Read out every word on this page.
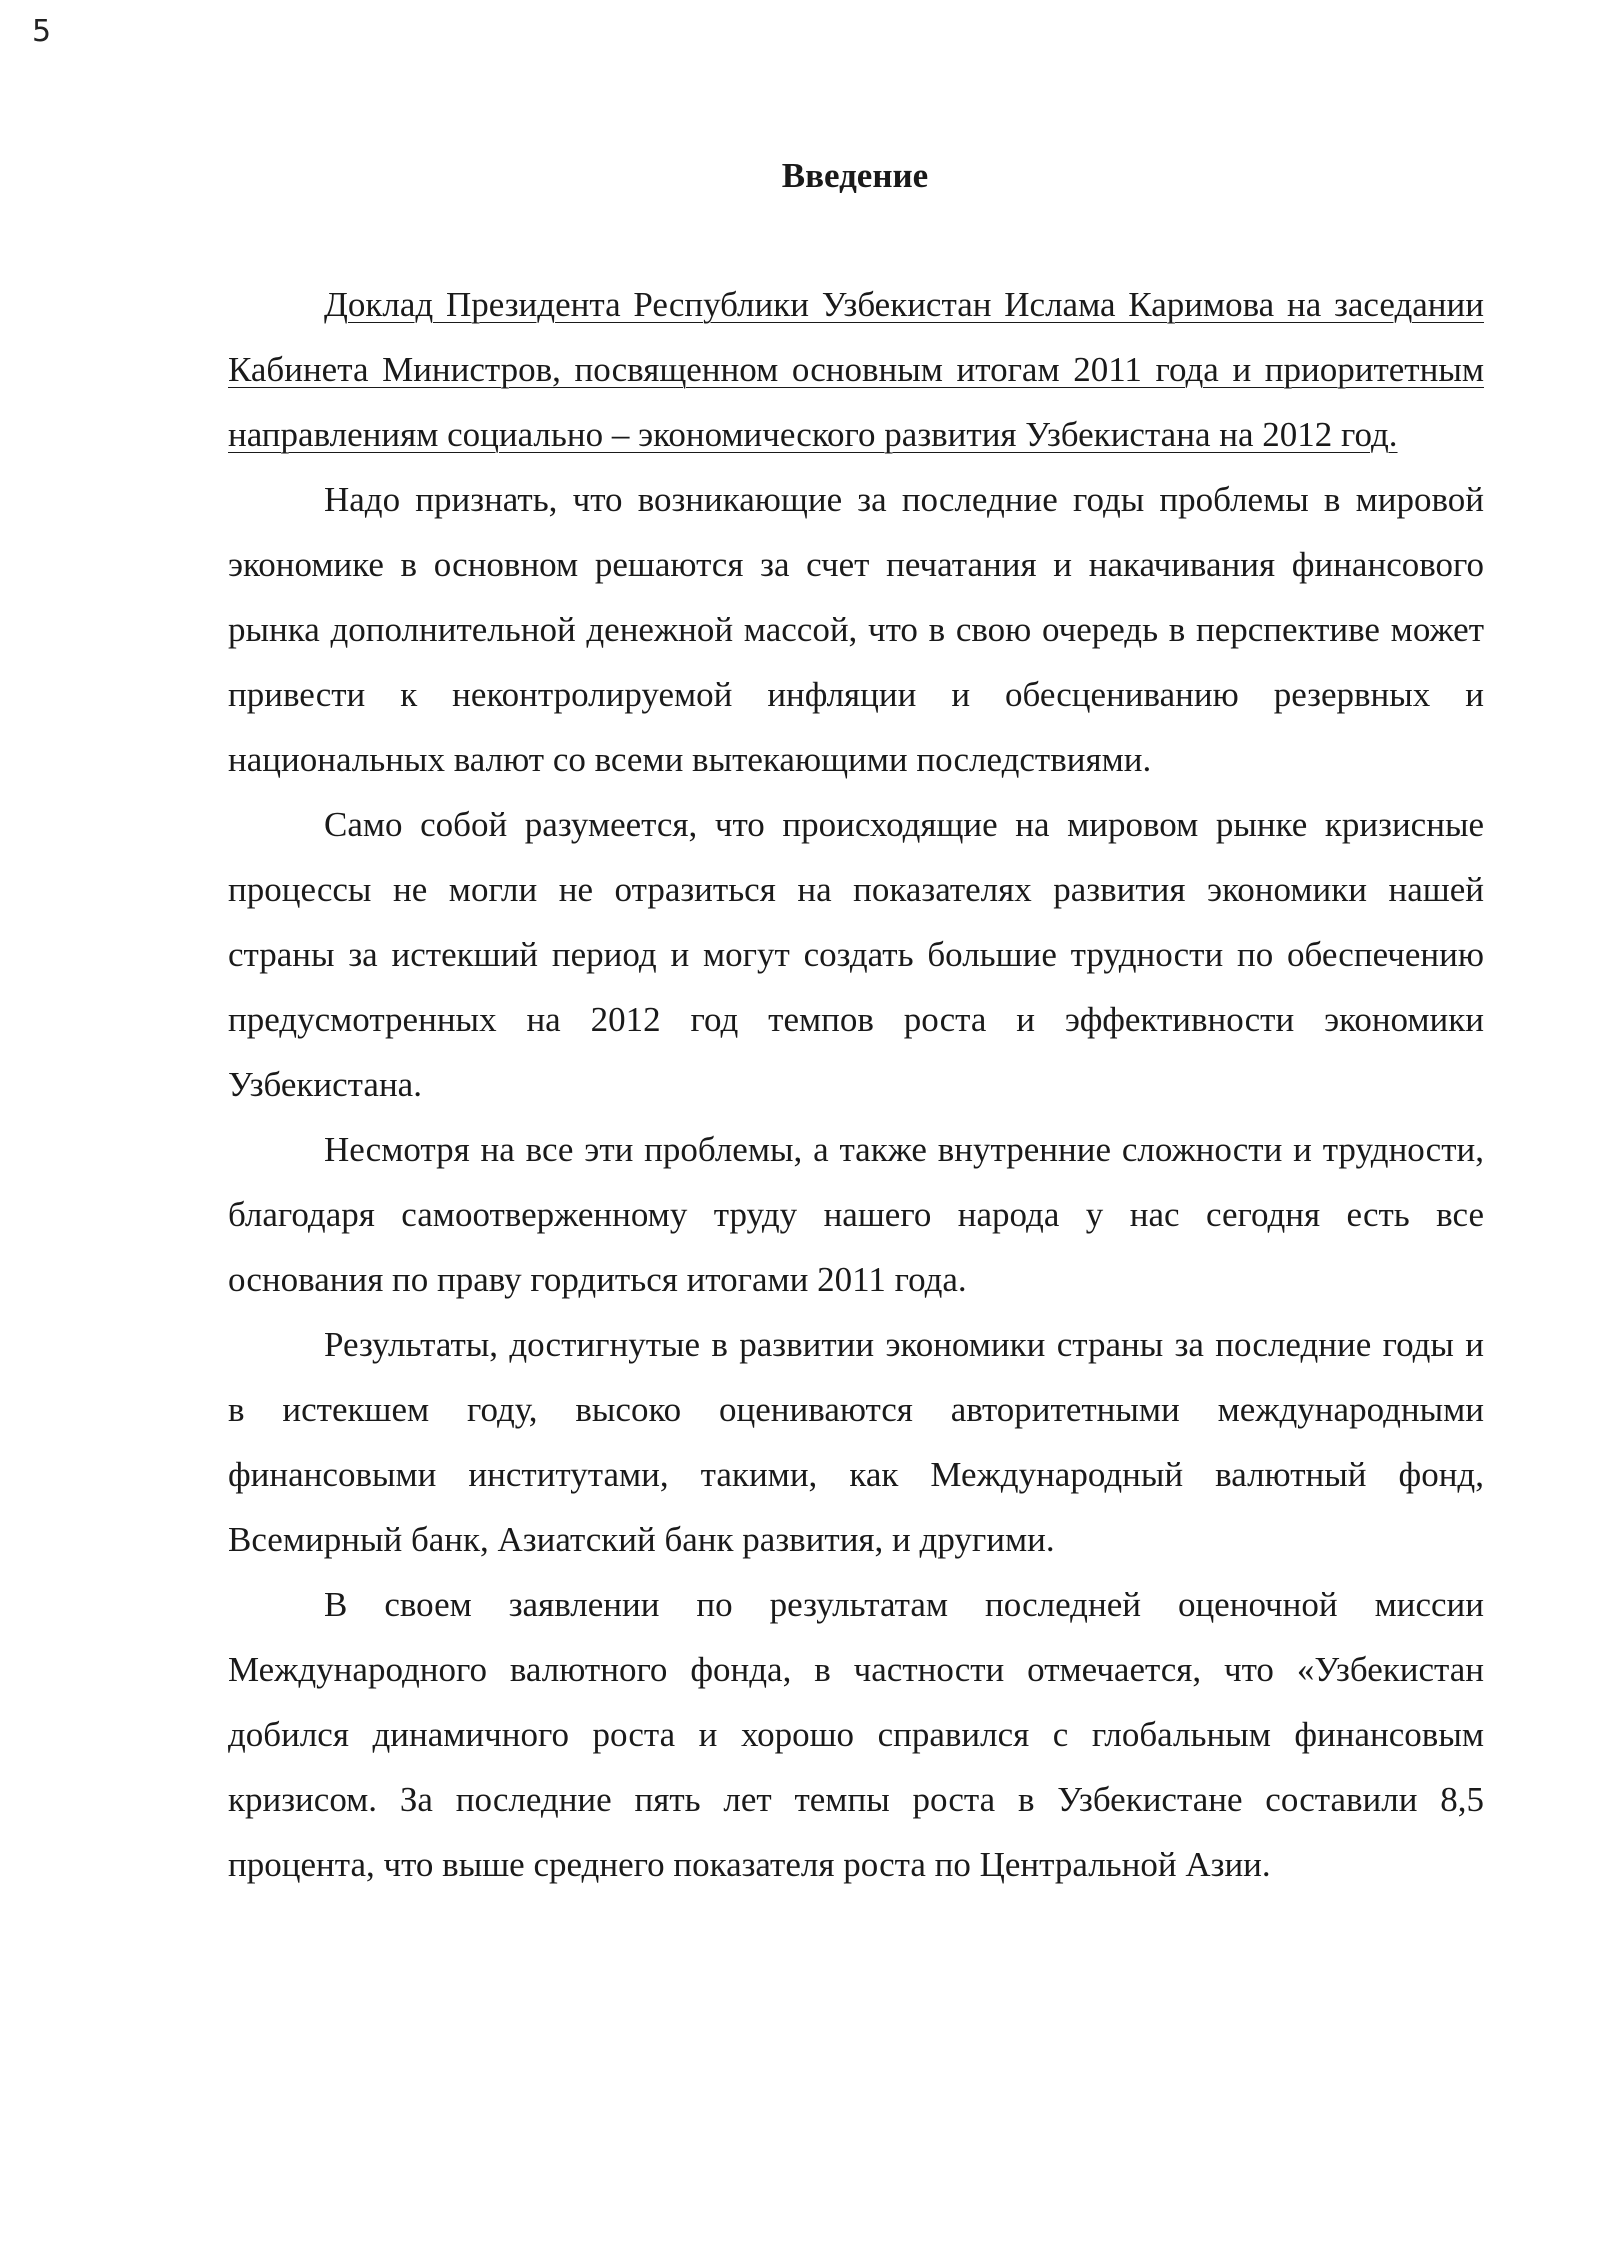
5
Введение

Доклад Президента Республики Узбекистан Ислама Каримова на заседании Кабинета Министров, посвященном основным итогам 2011 года и приоритетным направлениям социально – экономического развития Узбекистана на 2012 год.

Надо признать, что возникающие за последние годы проблемы в мировой экономике в основном решаются за счет печатания и накачивания финансового рынка дополнительной денежной массой, что в свою очередь в перспективе может привести к неконтролируемой инфляции и обесцениванию резервных и национальных валют со всеми вытекающими последствиями.

Само собой разумеется, что происходящие на мировом рынке кризисные процессы не могли не отразиться на показателях развития экономики нашей страны за истекший период и могут создать большие трудности по обеспечению предусмотренных на 2012 год темпов роста и эффективности экономики Узбекистана.

Несмотря на все эти проблемы, а также внутренние сложности и трудности, благодаря самоотверженному труду нашего народа у нас сегодня есть все основания по праву гордиться итогами 2011 года.

Результаты, достигнутые в развитии экономики страны за последние годы и в истекшем году, высоко оцениваются авторитетными международными финансовыми институтами, такими, как Международный валютный фонд, Всемирный банк, Азиатский банк развития, и другими.

В своем заявлении по результатам последней оценочной миссии Международного валютного фонда, в частности отмечается, что «Узбекистан добился динамичного роста и хорошо справился с глобальным финансовым кризисом. За последние пять лет темпы роста в Узбекистане составили 8,5 процента, что выше среднего показателя роста по Центральной Азии.
